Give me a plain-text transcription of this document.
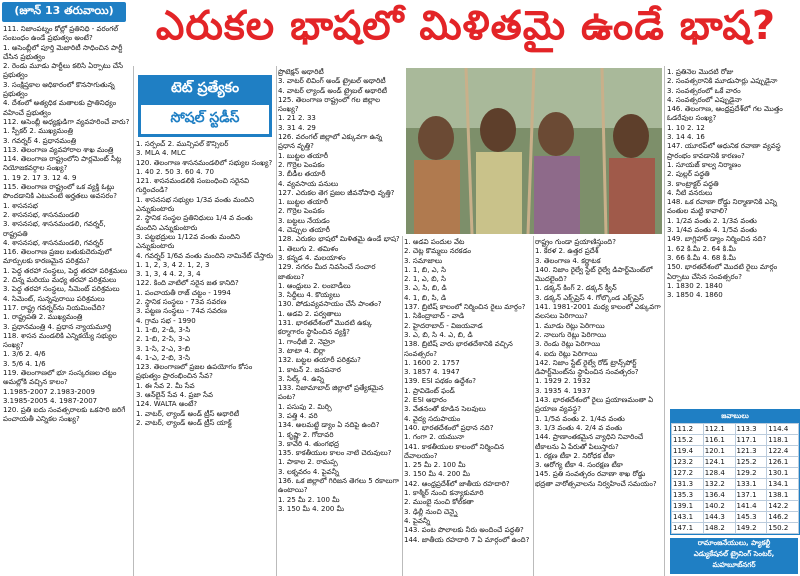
(జూన్ 13 తరువాయి)	ఎరుకల భాషలో మిళితమై ఉండే భాష?
టెట్ ప్రత్యేకం
సోషల్ స్టడీస్

111. నిజాంపట్నం కోల్లో ప్రతినిధి - వరంగల్ సంబంధం ఉండే ప్రభుత్వం అంటే?

1. అసెంబ్లీలో పూర్తి మెజారిటీ సాధించిన పార్టీ చేసిన ప్రభుత్వం

2. రెండు మూడు పార్టీలు కలిసి ఏర్పాటు చేసే ప్రభుత్వం

3. సంక్షిప్తకాల ఆధికారంలో కొనసాగుతున్న ప్రభుత్వం

4. దేశంలో అత్యధిక మతాలకు ప్రాతినిధ్యం వహించే ప్రభుత్వం

112. అసెంబ్లీ అధ్యక్షుడిగా వ్యవహరించే వారు?

1. స్పీకర్ 2. ముఖ్యమంత్రి

3. గవర్నర్ 4. ప్రధానమంత్రి

113. తెలంగాణ వ్యవహారాల శాఖ మంత్రి

114. తెలంగాణ రాష్ట్రంలోని పార్లమెంట్ సీట్ల నియోజకవర్గాల సంఖ్య?

1. 19 2. 17 3. 12 4. 9

115. తెలంగాణ రాష్ట్రంలో ఒక వ్యక్తి ఓట్లు పొందడానికి ఎటువంటి అర్హతలు అవసరం?

1. శాసనసభ

2. శాసనసభ, శాసనమండలి

3. శాసనసభ, శాసనమండలి, గవర్నర్, రాష్ట్రపతి

4. శాసనసభ, శాసనమండలి, గవర్నర్

116. తెలంగాణ ప్రజల బతుకుదెరువులో మార్పులకు కారణమైన పరిశ్రమ?

1. పెద్ద తరహా సంస్థలు, పెద్ద తరహా పరిశ్రమలు

2. చిన్న మరియు మధ్య తరహా పరిశ్రమలు

3. పెద్ద తరహా సంస్థలు, సిమెంట్ పరిశ్రమలు

4. సిమెంట్, సున్నపురాయి పరిశ్రమలు

117. రాష్ట్ర గవర్నర్‌ను నియమించేది?

1. రాష్ట్రపతి 2. ముఖ్యమంత్రి

3. ప్రధానమంత్రి 4. ప్రధాన న్యాయమూర్తి

118. శాసన మండలికి ఎన్నికయ్యే సభ్యుల సంఖ్య?

1. 3/6 2. 4/6

3. 5/6 4. 1/6

119. తెలంగాణలో భూ సంస్కరణల చట్టం అమల్లోకి వచ్చిన కాలం?

1.1985-2007 2.1983-2009

3.1985-2005 4. 1987-2007

120. ప్రతి ఐదు సంవత్సరాలకు ఒకసారి జరిగే పంచాయతీ ఎన్నికల సంఖ్య?

1. సర్పంచ్ 2. మున్సిపల్ కౌన్సిలర్

3. MLA 4. MLC

120. తెలంగాణ శాసనమండలిలో సభ్యుల సంఖ్య?

1. 40 2. 50 3. 60 4. 70

121. శాసనమండలికి సంబంధించి సరైనవి గుర్తించండి?

1. శాసనసభ సభ్యుల 1/3వ వంతు మందిని ఎన్నుకుంటారు

2. స్థానిక సంస్థల ప్రతినిధులు 1/4 వ వంతు మందిని ఎన్నుకుంటారు

3. పట్టభద్రులు 1/12వ వంతు మందిని ఎన్నుకుంటారు

4. గవర్నర్ 1/6వ వంతు మందిని నామినేట్ చేస్తారు

1. 1, 2, 3, 4 2. 1, 2, 3

3. 1, 3, 4 4. 2, 3, 4

122. కింది వాటిలో సరైన జత కానిది?

1. పంచాయతీ రాజ్ చట్టం - 1994

2. స్థానిక సంస్థలు - 73వ సవరణ

3. పట్టణ సంస్థలు - 74వ సవరణ

4. గ్రామ సభ - 1990

1. 1-బి, 2-డి, 3-సి

2. 1-బి, 2-సి, 3-ఎ

3. 1-సి, 2-ఎ, 3-బి

4. 1-ఎ, 2-బి, 3-సి

123. తెలంగాణలో ప్రజల ఉపయోగం కోసం ప్రభుత్వం ప్రారంభించిన సేవ?

1. ఈ సేవ 2. మీ సేవ

3. ఆన్‌లైన్ సేవ 4. ప్రజా సేవ

124. WALTA అంటే?

1. వాటర్, ల్యాండ్ అండ్ ట్రీస్ అథారిటీ

2. వాటర్, ల్యాండ్ అండ్ ట్రీస్ యాక్ట్

ప్రొటెక్షన్ అథారిటీ

3. వాటర్ లివింగ్ అండ్ ట్రైబల్ అథారిటీ

4. వాటర్ ల్యాండ్ అండ్ ట్రైబల్ అథారిటీ

125. తెలంగాణ రాష్ట్రంలో గల జిల్లాల సంఖ్య?

1. 21 2. 33

3. 31 4. 29

126. వరంగల్ జిల్లాలో ఎక్కువగా ఉన్న ప్రధాన వృత్తి?

1. బుట్టల తయారీ

2. గొర్రెల పెంపకం

3. బీడీల తయారీ

4. వ్యవసాయ పనులు

127. ఎరుకల తెగ ప్రజల జీవనోపాధి వృత్తి?

1. బుట్టల తయారీ

2. గొర్రెల పెంపకం

3. బట్టలు నేయడం

4. చెప్పుల తయారీ

128. ఎరుకల భాషలో మిళితమై ఉండే భాష?

1. తెలుగు 2. తమిళం

3. కన్నడ 4. మలయాళం

129. నగరం మీద నివసించే సంచార జాతులు?

1. ఆంధ్రులు 2. లంబాడీలు

3. సిద్దీలు 4. కొయ్యలు

130. పోడువ్యవసాయం చేసే పాంతం?

1. అడవి 2. పర్వతాలు

131. భారతదేశంలో మొదటి ఉక్కు కర్మాగారం స్థాపించిన వ్యక్తి?

1. గాంధీజీ 2. నెహ్రూ

3. టాటా 4. బిర్లా

132. బట్టల తయారీ పరిశ్రమ?

1. కాటన్ 2. జనపనార

3. సిల్క్ 4. ఉన్ని

133. నిజామాబాద్ జిల్లాలో ప్రత్యేకమైన పంట?

1. పసుపు 2. మిర్చి

3. పత్తి 4. వరి

134. అలమట్టి డ్యాం ఏ నదిపై ఉంది?

1. కృష్ణా 2. గోదావరి

3. కావేరి 4. తుంగభద్ర

135. కాకతీయుల కాలం నాటి చెరువులు?

1. పాకాల 2. రామప్ప

3. లక్నవరం 4. పైవన్నీ

136. ఒక జిల్లాలో గిరిజన తెగలు 5 రకాలుగా ఉంటాయి?

1. 25 మీ 2. 100 మీ

3. 150 మీ 4. 200 మీ

1. అడవి పందుల వేట

2. చెట్ల కొమ్మలు నరకడం

3. సమాజాలు

1. 1, బి, ఎ, సి

2. 1, ఎ, బి, సి

3. ఎ, సి, బి, డి

4. 1, బి, సి, డి

137. బ్రిటిష్ కాలంలో నిర్మించిన రైలు మార్గం?

1. సికింద్రాబాద్ - వాడి

2. హైదరాబాద్ - విజయవాడ

3. ఎ, బి, సి 4. ఎ, బి, డి

138. బ్రిటిష్ వారు భారతదేశానికి వచ్చిన సంవత్సరం?

1. 1600 2. 1757

3. 1857 4. 1947

139. ESI పథకం ఉద్దేశం?

1. ప్రావిడెంట్ ఫండ్

2. ESI ఆధారం

3. వేతనంతో కూడిన సెలవులు

4. వైద్య సదుపాయం

140. భారతదేశంలో ప్రధాన నది?

1. గంగా 2. యమునా

141. కాకతీయుల కాలంలో నిర్మించిన దేవాలయం?

1. 25 మీ 2. 100 మీ

3. 150 మీ 4. 200 మీ

142. ఆంధ్రప్రదేశ్‌లో జాతీయ రహదారి?

1. కాశ్మీర్ నుంచి కన్యాకుమారి

2. ముంబై నుంచి కోల్‌కతా

3. ఢిల్లీ నుంచి చెన్నై

4. పైవన్నీ

143. పంట పొలాలకు నీరు అందించే పద్ధతి?

144. జాతీయ రహదారి 7 ఏ మార్గంలో ఉంది?

రాష్ట్రం గుండా ప్రయాణిస్తుంది?

1. కేరళ 2. ఉత్తర ప్రదేశ్

3. తెలంగాణ 4. కర్ణాటక

140. నిజాం రైల్వే స్టేట్ రైల్వే డిపార్ట్‌మెంట్‌లో మొదలైంది?

1. డక్కన్ కింగ్ 2. డక్కన్ క్వీన్

3. డక్కన్ ఎక్స్‌ప్రెస్ 4. గోల్కొండ ఎక్స్‌ప్రెస్

141. 1981-2001 మధ్య కాలంలో ఎక్కువగా వలసలు పెరిగాయి?

1. మూడు రెట్లు పెరిగాయి

2. నాలుగు రెట్లు పెరిగాయి

3. రెండు రెట్లు పెరిగాయి

4. ఐదు రెట్లు పెరిగాయి

142. నిజాం స్టేట్ రైల్వే రోడ్ ట్రాన్స్‌పోర్ట్ డిపార్ట్‌మెంట్‌ను స్థాపించిన సంవత్సరం?

1. 1929 2. 1932

3. 1935 4. 1937

143. భారతదేశంలో రైలు ప్రయాణమంతా ఏ ప్రయాణ వ్యవస్థ?

1. 1/5వ వంతు 2. 1/4వ వంతు

3. 1/3 వంతు 4. 2/4 వ వంతు

144. ప్రాణాంతకమైన వ్యాధిని నివారించే టీకాలను ఏ పేరుతో పిలుస్తారు?

1. రక్షణ టీకా 2. నిరోధక టీకా

3. ఆరోగ్య టీకా 4. సంరక్షణ టీకా

145. ప్రతి సంవత్సరం రవాణా శాఖ రోడ్డు భద్రతా వారోత్సవాలను నిర్వహించే సమయం?

1. ప్రతినెల మొదటి రోజు

2. సంవత్సరానికి మూడుసార్లు ఎప్పుడైనా

3. సంవత్సరంలో ఒకే వారం

4. సంవత్సరంలో ఎప్పుడైనా

146. తెలంగాణ, ఆంధ్రప్రదేశ్‌లో గల మొత్తం ఓడరేవుల సంఖ్య?

1. 10 2. 12

3. 14 4. 16

147. యూరప్‌లో ఆధునిక రవాణా వ్యవస్థ ప్రారంభం కావడానికి కారణం?

1. సూయజ్ కాల్వ నిర్మాణం

2. పుల్లర్ పద్ధతి

3. కాంట్రాక్టర్ పద్ధతి

4. నీటి వనరులు

148. ఒక రవాణా రోడ్డు నిర్మాణానికి ఎన్ని వంతుల మట్టి కావాలి?

1. 1/2వ వంతు 2. 1/3వ వంతు

3. 1/4వ వంతు 4. 1/5వ వంతు

149. బాగ్లిహార్ డ్యాం నిర్మించిన నది?

1. 62 కి.మీ 2. 64 కి.మీ

3. 66 కి.మీ 4. 68 కి.మీ

150. భారతదేశంలో మొదటి రైలు మార్గం ఏర్పాటు చేసిన సంవత్సరం?

1. 1830 2. 1840

3. 1850 4. 1860

జవాబులు
111.2	112.1	113.3	114.4
115.2	116.1	117.1	118.1
119.4	120.1	121.3	122.4
123.2	124.1	125.2	126.1
127.2	128.4	129.2	130.1
131.3	132.2	133.1	134.1
135.3	136.4	137.1	138.1
139.1	140.2	141.4	142.2
143.1	144.3	145.3	146.2
147.1	148.2	149.2	150.2
రామాంజనేయులు, ప్యాకల్టీ
ఎడ్యుకేషనల్ ట్రైనింగ్ సెంటర్,
మహబూబ్‌నగర్
